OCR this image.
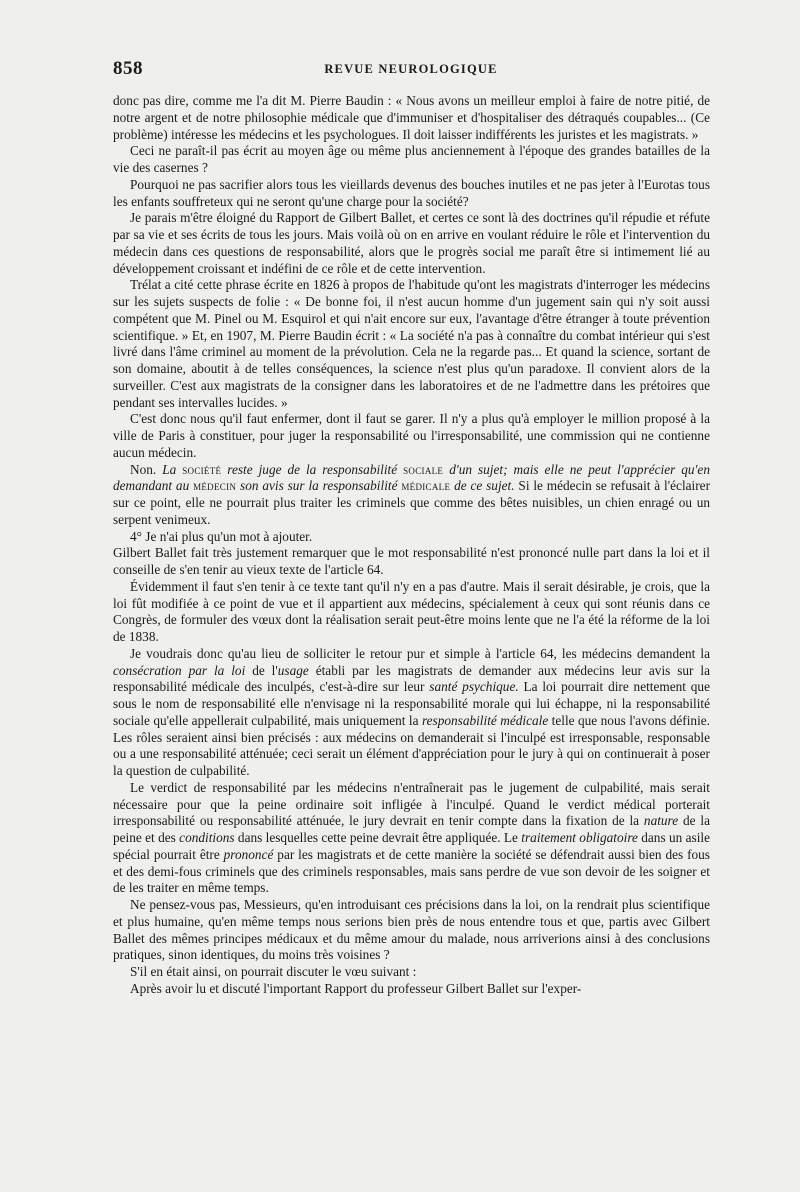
858	REVUE NEUROLOGIQUE

donc pas dire, comme me l'a dit M. Pierre Baudin : « Nous avons un meilleur emploi à faire de notre pitié, de notre argent et de notre philosophie médicale que d'immuniser et d'hospitaliser des détraqués coupables... (Ce problème) intéresse les médecins et les psychologues. Il doit laisser indifférents les juristes et les magistrats. »

Ceci ne paraît-il pas écrit au moyen âge ou même plus anciennement à l'époque des grandes batailles de la vie des casernes ?

Pourquoi ne pas sacrifier alors tous les vieillards devenus des bouches inutiles et ne pas jeter à l'Eurotas tous les enfants souffreteux qui ne seront qu'une charge pour la société?

Je parais m'être éloigné du Rapport de Gilbert Ballet, et certes ce sont là des doctrines qu'il répudie et réfute par sa vie et ses écrits de tous les jours. Mais voilà où on en arrive en voulant réduire le rôle et l'intervention du médecin dans ces questions de responsabilité, alors que le progrès social me paraît être si intimement lié au développement croissant et indéfini de ce rôle et de cette intervention.

Trélat a cité cette phrase écrite en 1826 à propos de l'habitude qu'ont les magistrats d'interroger les médecins sur les sujets suspects de folie : « De bonne foi, il n'est aucun homme d'un jugement sain qui n'y soit aussi compétent que M. Pinel ou M. Esquirol et qui n'ait encore sur eux, l'avantage d'être étranger à toute prévention scientifique. » Et, en 1907, M. Pierre Baudin écrit : « La société n'a pas à connaître du combat intérieur qui s'est livré dans l'âme criminel au moment de la prévolution. Cela ne la regarde pas... Et quand la science, sortant de son domaine, aboutit à de telles conséquences, la science n'est plus qu'un paradoxe. Il convient alors de la surveiller. C'est aux magistrats de la consigner dans les laboratoires et de ne l'admettre dans les prétoires que pendant ses intervalles lucides. »

C'est donc nous qu'il faut enfermer, dont il faut se garer. Il n'y a plus qu'à employer le million proposé à la ville de Paris à constituer, pour juger la responsabilité ou l'irresponsabilité, une commission qui ne contienne aucun médecin.

Non. La société reste juge de la responsabilité sociale d'un sujet; mais elle ne peut l'apprécier qu'en demandant au médecin son avis sur la responsabilité médicale de ce sujet. Si le médecin se refusait à l'éclairer sur ce point, elle ne pourrait plus traiter les criminels que comme des bêtes nuisibles, un chien enragé ou un serpent venimeux.

4° Je n'ai plus qu'un mot à ajouter.

Gilbert Ballet fait très justement remarquer que le mot responsabilité n'est prononcé nulle part dans la loi et il conseille de s'en tenir au vieux texte de l'article 64.

Évidemment il faut s'en tenir à ce texte tant qu'il n'y en a pas d'autre. Mais il serait désirable, je crois, que la loi fût modifiée à ce point de vue et il appartient aux médecins, spécialement à ceux qui sont réunis dans ce Congrès, de formuler des vœux dont la réalisation serait peut-être moins lente que ne l'a été la réforme de la loi de 1838.

Je voudrais donc qu'au lieu de solliciter le retour pur et simple à l'article 64, les médecins demandent la consécration par la loi de l'usage établi par les magistrats de demander aux médecins leur avis sur la responsabilité médicale des inculpés, c'est-à-dire sur leur santé psychique. La loi pourrait dire nettement que sous le nom de responsabilité elle n'envisage ni la responsabilité morale qui lui échappe, ni la responsabilité sociale qu'elle appellerait culpabilité, mais uniquement la responsabilité médicale telle que nous l'avons définie. Les rôles seraient ainsi bien précisés : aux médecins on demanderait si l'inculpé est irresponsable, responsable ou a une responsabilité atténuée; ceci serait un élément d'appréciation pour le jury à qui on continuerait à poser la question de culpabilité.

Le verdict de responsabilité par les médecins n'entraînerait pas le jugement de culpabilité, mais serait nécessaire pour que la peine ordinaire soit infligée à l'inculpé. Quand le verdict médical porterait irresponsabilité ou responsabilité atténuée, le jury devrait en tenir compte dans la fixation de la nature de la peine et des conditions dans lesquelles cette peine devrait être appliquée. Le traitement obligatoire dans un asile spécial pourrait être prononcé par les magistrats et de cette manière la société se défendrait aussi bien des fous et des demi-fous criminels que des criminels responsables, mais sans perdre de vue son devoir de les soigner et de les traiter en même temps.

Ne pensez-vous pas, Messieurs, qu'en introduisant ces précisions dans la loi, on la rendrait plus scientifique et plus humaine, qu'en même temps nous serions bien près de nous entendre tous et que, partis avec Gilbert Ballet des mêmes principes médicaux et du même amour du malade, nous arriverions ainsi à des conclusions pratiques, sinon identiques, du moins très voisines ?

S'il en était ainsi, on pourrait discuter le vœu suivant :

Après avoir lu et discuté l'important Rapport du professeur Gilbert Ballet sur l'exper-
